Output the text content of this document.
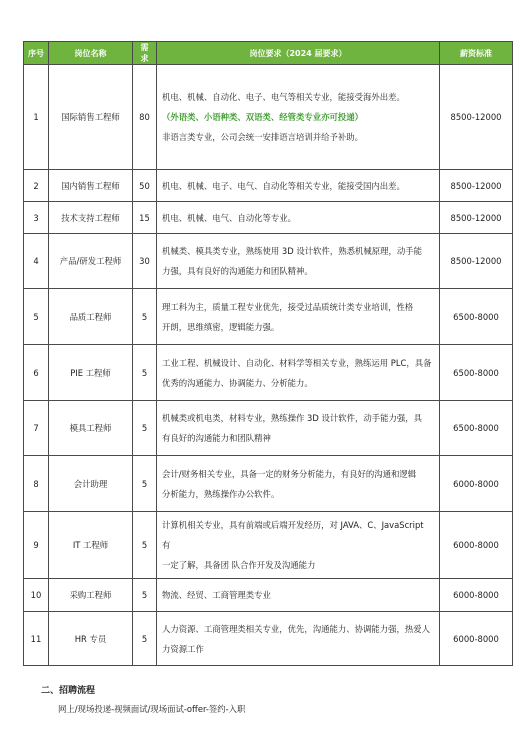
序号	岗位名称	需求	岗位要求（2024 届要求）	薪资标准
1	国际销售工程师	80	机电、机械、自动化、电子、电气等相关专业，能接受海外出差。
（外语类、小语种类、双语类、经管类专业亦可投递）
非语言类专业，公司会统一安排语言培训并给予补助。	8500-12000
2	国内销售工程师	50	机电、机械、电子、电气、自动化等相关专业，能接受国内出差。	8500-12000
3	技术支持工程师	15	机电、机械、电气、自动化等专业。	8500-12000
4	产品/研发工程师	30	机械类、模具类专业，熟练使用 3D 设计软件，熟悉机械原理，动手能
力强，具有良好的沟通能力和团队精神。	8500-12000
5	品质工程师	5	理工科为主，质量工程专业优先，接受过品质统计类专业培训，性格
开朗，思维缜密，逻辑能力强。	6500-8000
6	PIE 工程师	5	工业工程、机械设计、自动化、材料学等相关专业，熟练运用 PLC，具备
优秀的沟通能力、协调能力、分析能力。	6500-8000
7	模具工程师	5	机械类或机电类，材料专业，熟练操作 3D 设计软件，动手能力强，具
有良好的沟通能力和团队精神	6500-8000
8	会计助理	5	会计/财务相关专业，具备一定的财务分析能力，有良好的沟通和逻辑
分析能力，熟练操作办公软件。	6000-8000
9	IT 工程师	5	计算机相关专业，具有前端或后端开发经历，对 JAVA、C、JavaScript 有
一定了解，具备团 队合作开发及沟通能力	6000-8000
10	采购工程师	5	物流、经贸、工商管理类专业	6000-8000
11	HR 专员	5	人力资源、工商管理类相关专业，优先，沟通能力、协调能力强，热爱人
力资源工作	6000-8000
二、招聘流程

网上/现场投递-视频面试/现场面试-offer-签约-入职
